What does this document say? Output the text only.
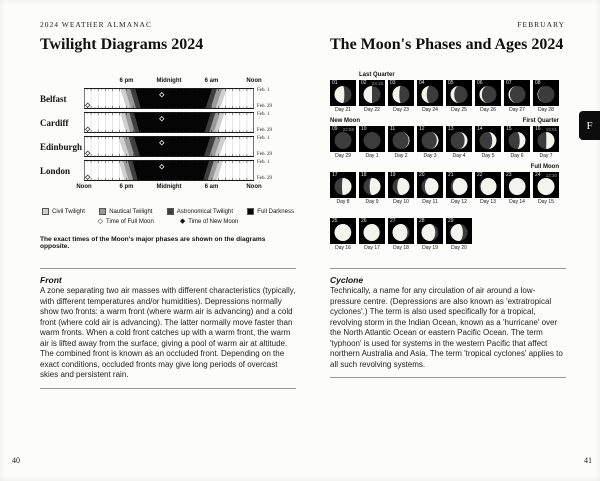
2024 WEATHER ALMANAC	FEBRUARY
Twilight Diagrams 2024
6 pm	Midnight	6 am	Noon
Belfast
Feb. 1
Feb. 29
Cardiff
Feb. 1
Feb. 29
Edinburgh
Feb. 1
Feb. 29
London
Feb. 1
Feb. 29
Noon	6 pm	Midnight	6 am	Noon
Civil Twilight	Nautical Twilight	Astronomical Twilight	Full Darkness
◇ Time of Full Moon	◆ Time of New Moon
The exact times of the Moon's major phases are shown on the diagrams opposite.
Front

A zone separating two air masses with different characteristics (typically, with different temperatures and/or humidities). Depressions normally show two fronts: a warm front (where warm air is advancing) and a cold front (where cold air is advancing). The latter normally move faster than warm fronts. When a cold front catches up with a warm front, the warm air is lifted away from the surface, giving a pool of warm air at altitude. The combined front is known as an occluded front. Depending on the exact conditions, occluded fronts may give long periods of overcast skies and persistent rain.

The Moon's Phases and Ages 2024
Last Quarter
01	02 23:18 03	04	05	06	07	08
Day 21	Day 22	Day 23	Day 24	Day 25	Day 26	Day 27	Day 28
New Moon	First Quarter
09 22:59 10	11	12	13	14	15	16 15:01
Day 29	Day 1	Day 2	Day 3	Day 4	Day 5	Day 6	Day 7
Full Moon
17	18	19	20	21	22	23	24 12:30
Day 8	Day 9	Day 10	Day 11	Day 12	Day 13	Day 14	Day 15
25	26	27	28	29
Day 16	Day 17	Day 18	Day 19	Day 20
Cyclone

Technically, a name for any circulation of air around a low-pressure centre. (Depressions are also known as 'extratropical cyclones'.) The term is also used specifically for a tropical, revolving storm in the Indian Ocean, known as a 'hurricane' over the North Atlantic Ocean or eastern Pacific Ocean. The term 'typhoon' is used for systems in the western Pacific that affect northern Australia and Asia. The term 'tropical cyclones' applies to all such revolving systems.

40	41
F
